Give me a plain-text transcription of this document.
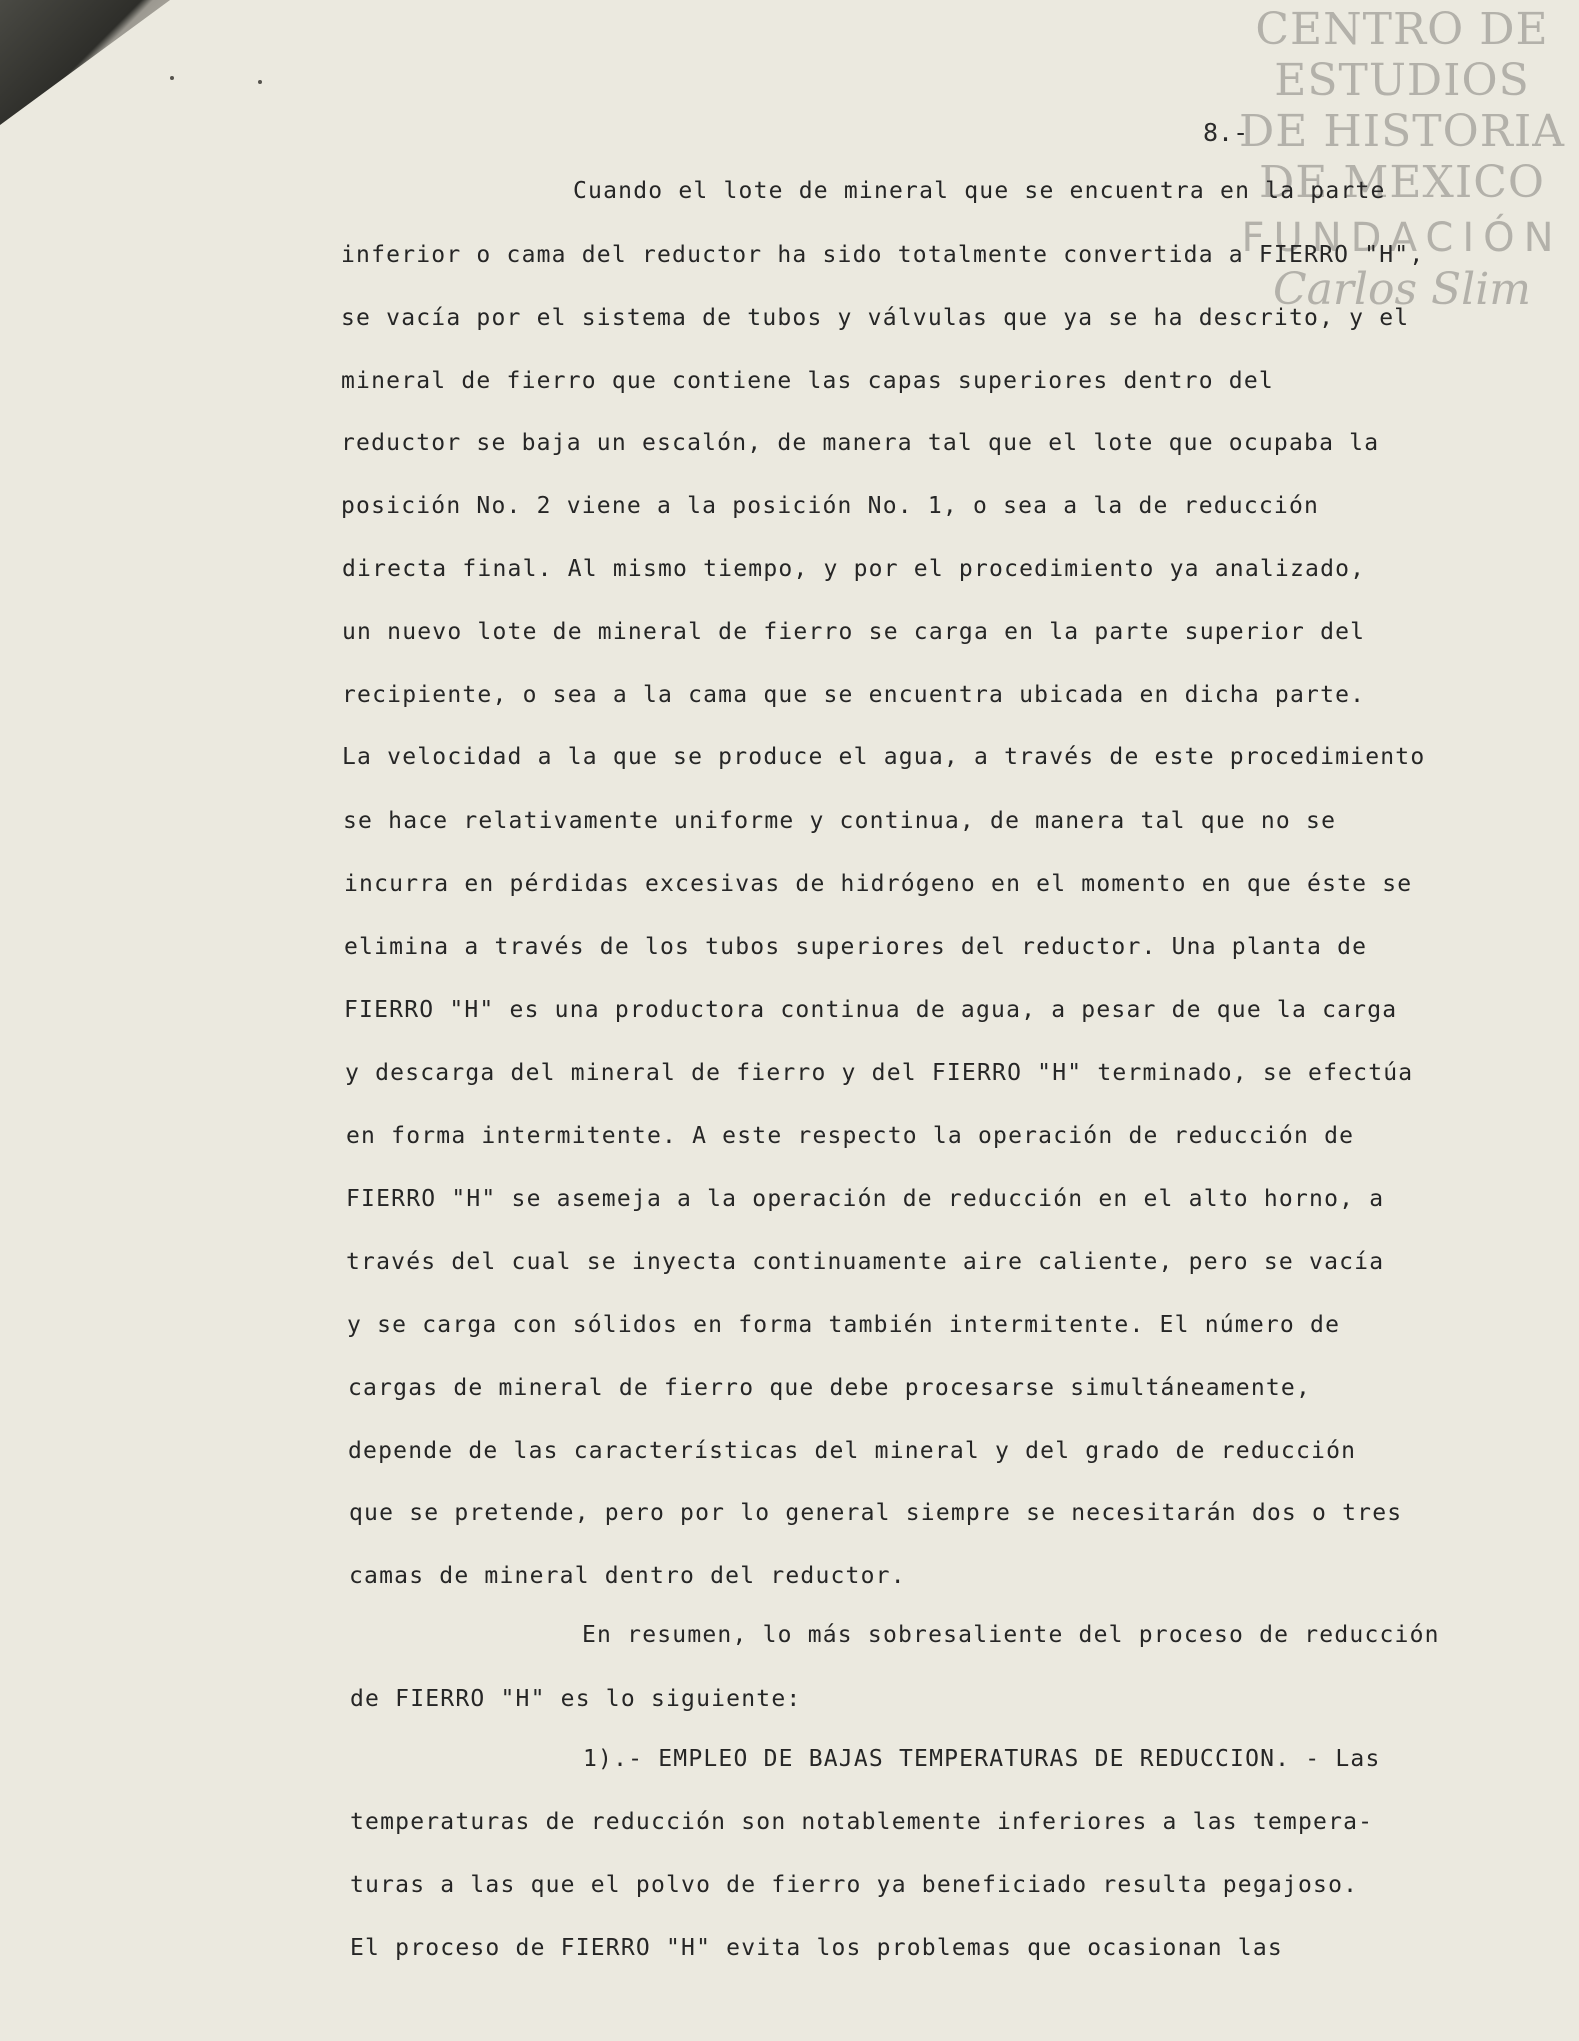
CENTRO DE
ESTUDIOS
DE HISTORIA
DE MEXICO
FUNDACIÓN
Carlos Slim
8.-
Cuando el lote de mineral que se encuentra en la parte
inferior o cama del reductor ha sido totalmente convertida a FIERRO "H",
se vacía por el sistema de tubos y válvulas que ya se ha descrito, y el
mineral de fierro que contiene las capas superiores dentro del
reductor se baja un escalón, de manera tal que el lote que ocupaba la
posición No. 2 viene a la posición No. 1, o sea a la de reducción
directa final. Al mismo tiempo, y por el procedimiento ya analizado,
un nuevo lote de mineral de fierro se carga en la parte superior del
recipiente, o sea a la cama que se encuentra ubicada en dicha parte.
La velocidad a la que se produce el agua, a través de este procedimiento
se hace relativamente uniforme y continua, de manera tal que no se
incurra en pérdidas excesivas de hidrógeno en el momento en que éste se
elimina a través de los tubos superiores del reductor. Una planta de
FIERRO "H" es una productora continua de agua, a pesar de que la carga
y descarga del mineral de fierro y del FIERRO "H" terminado, se efectúa
en forma intermitente. A este respecto la operación de reducción de
FIERRO "H" se asemeja a la operación de reducción en el alto horno, a
través del cual se inyecta continuamente aire caliente, pero se vacía
y se carga con sólidos en forma también intermitente. El número de
cargas de mineral de fierro que debe procesarse simultáneamente,
depende de las características del mineral y del grado de reducción
que se pretende, pero por lo general siempre se necesitarán dos o tres
camas de mineral dentro del reductor.
En resumen, lo más sobresaliente del proceso de reducción
de FIERRO "H" es lo siguiente:
1).- EMPLEO DE BAJAS TEMPERATURAS DE REDUCCION. - Las
temperaturas de reducción son notablemente inferiores a las tempera-
turas a las que el polvo de fierro ya beneficiado resulta pegajoso.
El proceso de FIERRO "H" evita los problemas que ocasionan las
